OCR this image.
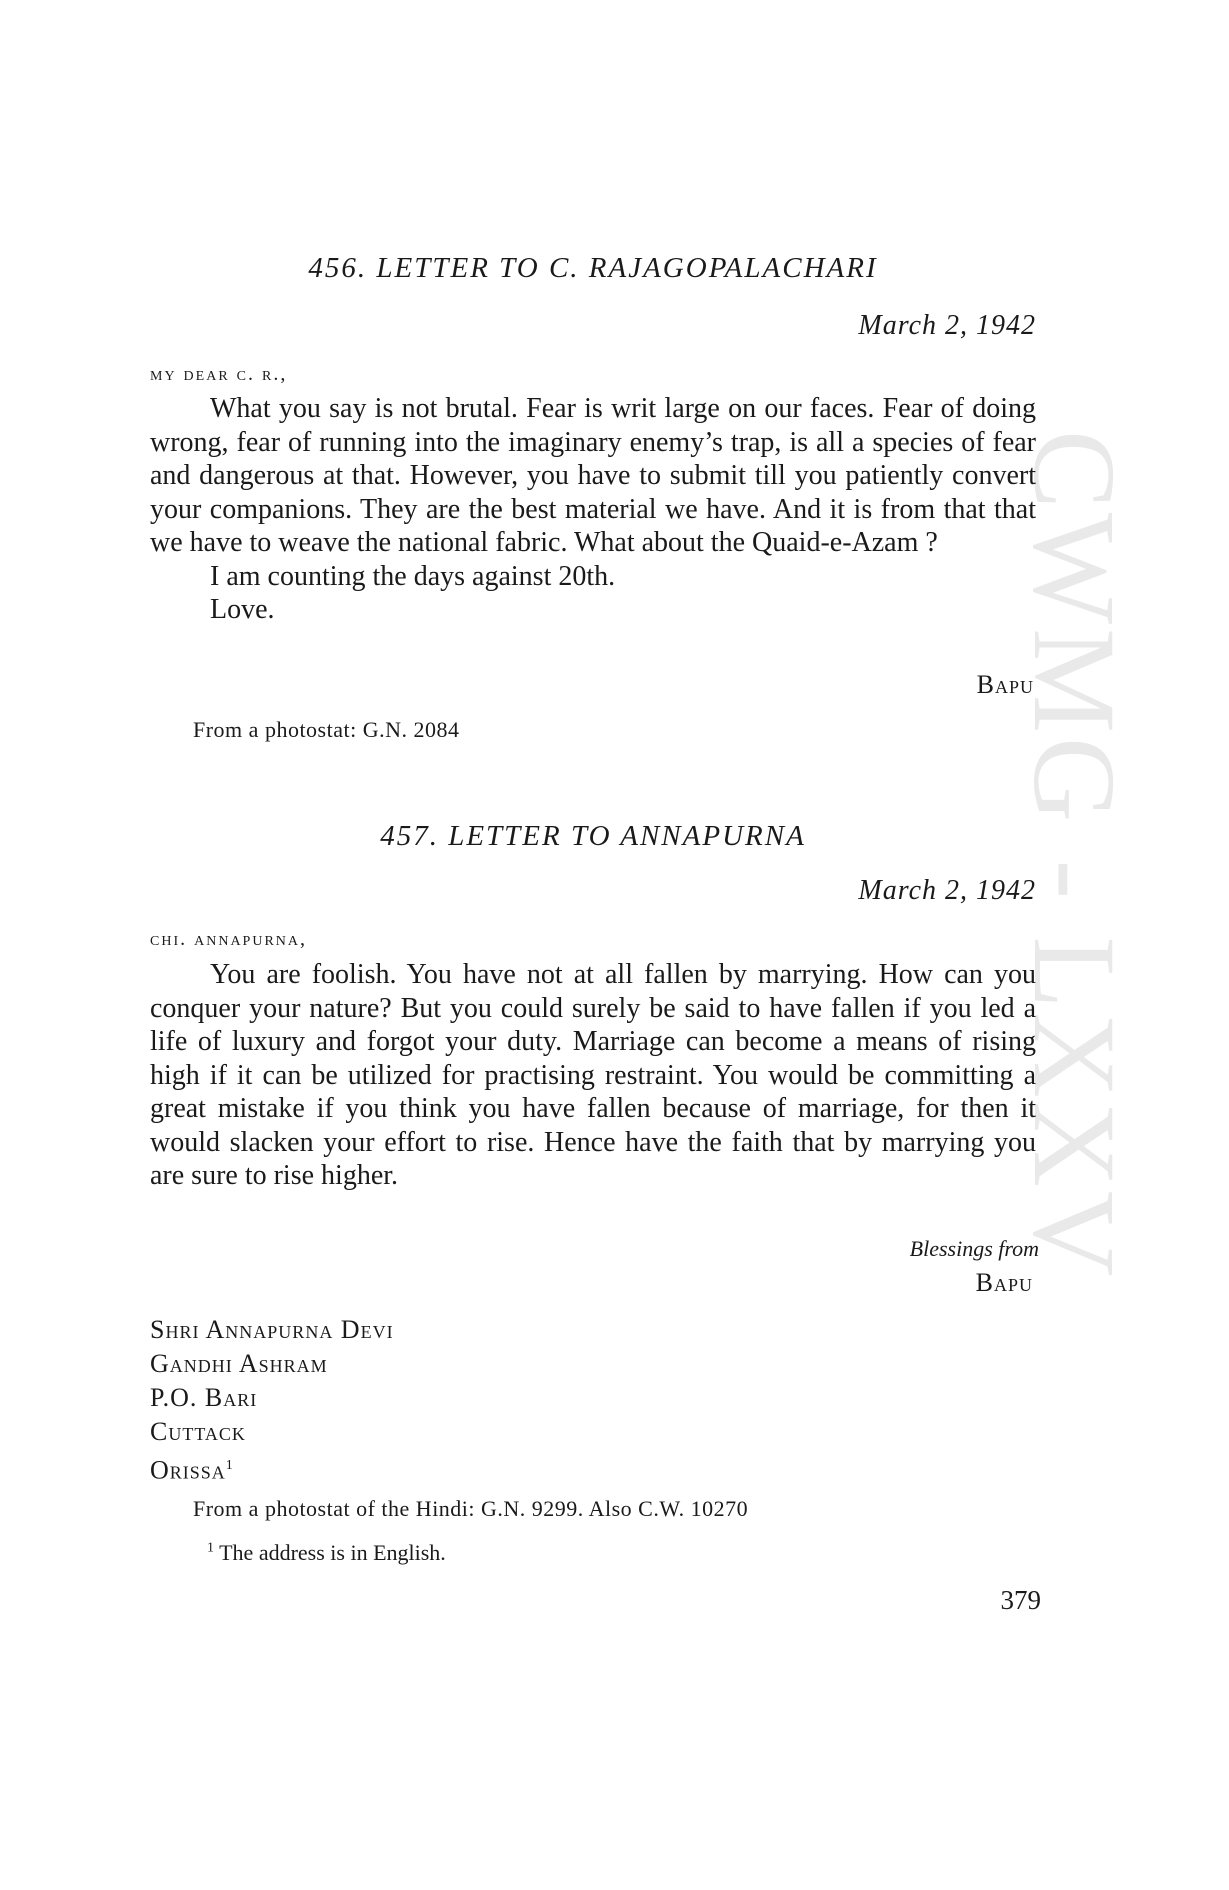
CWMG LXXV
456. LETTER TO C. RAJAGOPALACHARI
March 2, 1942
my dear c. r.,

What you say is not brutal. Fear is writ large on our faces. Fear of doing wrong, fear of running into the imaginary enemy’s trap, is all a species of fear and dangerous at that. However, you have to submit till you patiently convert your companions. They are the best material we have. And it is from that that we have to weave the national fabric. What about the Quaid-e-Azam ?

I am counting the days against 20th.

Love.

Bapu
From a photostat: G.N. 2084
457. LETTER TO ANNAPURNA
March 2, 1942
chi. annapurna,

You are foolish. You have not at all fallen by marrying. How can you conquer your nature? But you could surely be said to have fallen if you led a life of luxury and forgot your duty. Marriage can become a means of rising high if it can be utilized for practising restraint. You would be committing a great mistake if you think you have fallen because of marriage, for then it would slacken your effort to rise. Hence have the faith that by marrying you are sure to rise higher.

Blessings from
Bapu
Shri Annapurna Devi
Gandhi Ashram
P.O. Bari
Cuttack
Orissa$^1$
From a photostat of the Hindi: G.N. 9299. Also C.W. 10270
$^1$ The address is in English.
379
